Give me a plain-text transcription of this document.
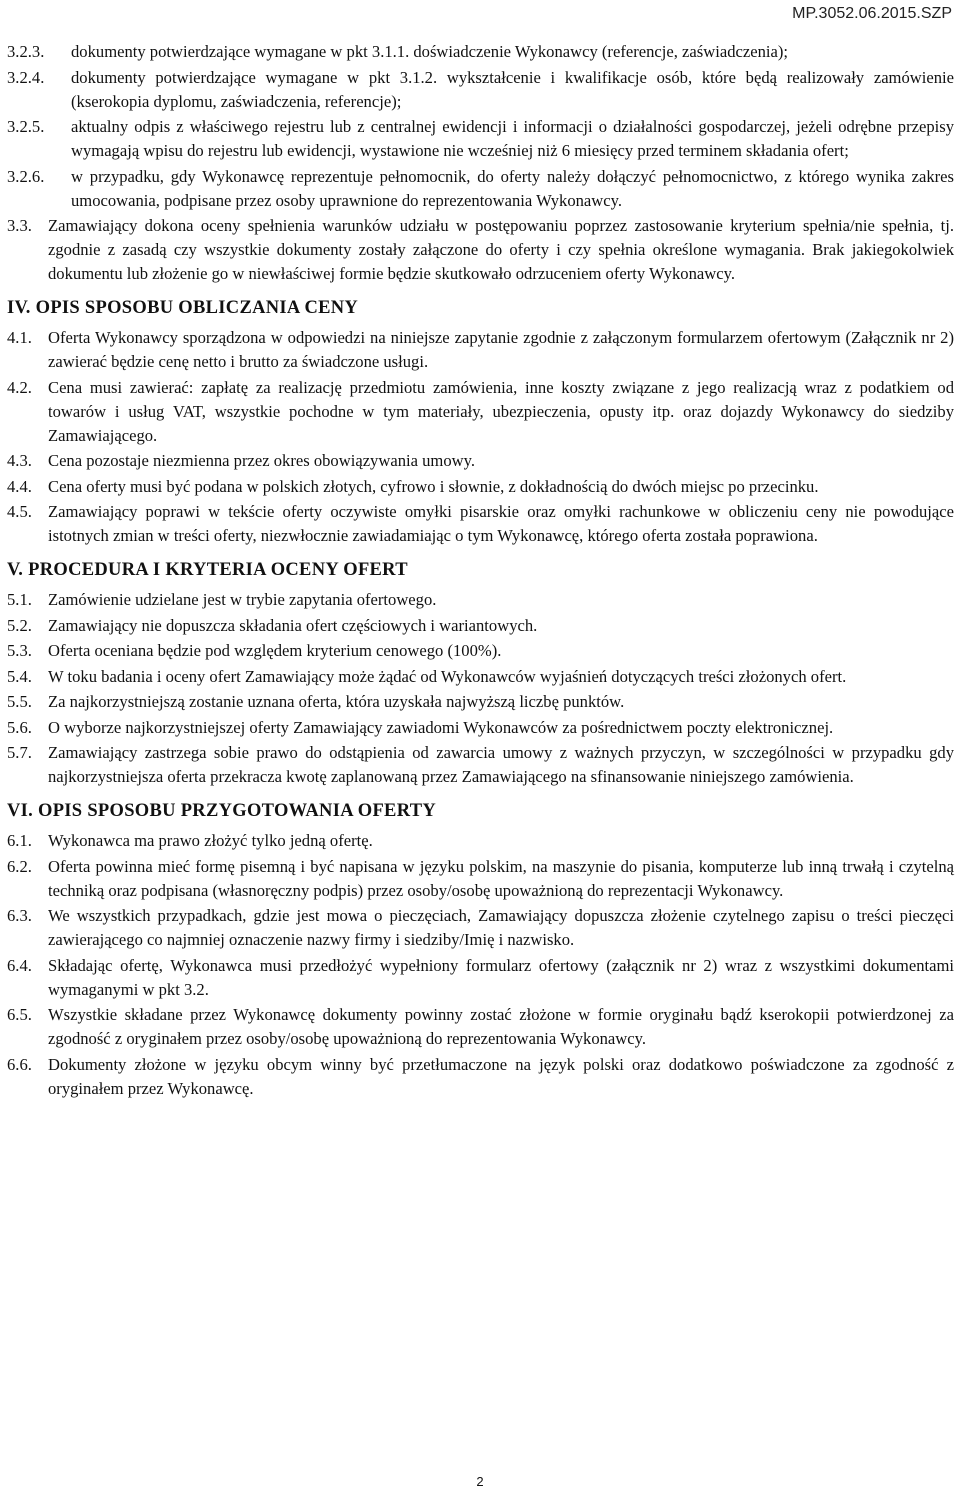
MP.3052.06.2015.SZP
3.2.3.	dokumenty potwierdzające wymagane w pkt 3.1.1. doświadczenie Wykonawcy (referencje, zaświadczenia);
3.2.4.	dokumenty potwierdzające wymagane w pkt 3.1.2. wykształcenie i kwalifikacje osób, które będą realizowały zamówienie (kserokopia dyplomu, zaświadczenia, referencje);
3.2.5.	aktualny odpis z właściwego rejestru lub z centralnej ewidencji i informacji o działalności gospodarczej, jeżeli odrębne przepisy wymagają wpisu do rejestru lub ewidencji, wystawione nie wcześniej niż 6 miesięcy przed terminem składania ofert;
3.2.6.	w przypadku, gdy Wykonawcę reprezentuje pełnomocnik, do oferty należy dołączyć pełnomocnictwo, z którego wynika zakres umocowania, podpisane przez osoby uprawnione do reprezentowania Wykonawcy.
3.3. Zamawiający dokona oceny spełnienia warunków udziału w postępowaniu poprzez zastosowanie kryterium spełnia/nie spełnia, tj. zgodnie z zasadą czy wszystkie dokumenty zostały załączone do oferty i czy spełnia określone wymagania. Brak jakiegokolwiek dokumentu lub złożenie go w niewłaściwej formie będzie skutkowało odrzuceniem oferty Wykonawcy.
IV. OPIS SPOSOBU OBLICZANIA CENY
4.1. Oferta Wykonawcy sporządzona w odpowiedzi na niniejsze zapytanie zgodnie z załączonym formularzem ofertowym (Załącznik nr 2) zawierać będzie cenę netto i brutto za świadczone usługi.
4.2. Cena musi zawierać: zapłatę za realizację przedmiotu zamówienia, inne koszty związane z jego realizacją wraz z podatkiem od towarów i usług VAT, wszystkie pochodne w tym materiały, ubezpieczenia, opusty itp. oraz dojazdy Wykonawcy do siedziby Zamawiającego.
4.3. Cena pozostaje niezmienna przez okres obowiązywania umowy.
4.4. Cena oferty musi być podana w polskich złotych, cyfrowo i słownie, z dokładnością do dwóch miejsc po przecinku.
4.5. Zamawiający poprawi w tekście oferty oczywiste omyłki pisarskie oraz omyłki rachunkowe w obliczeniu ceny nie powodujące istotnych zmian w treści oferty, niezwłocznie zawiadamiając o tym Wykonawcę, którego oferta została poprawiona.
V. PROCEDURA I KRYTERIA OCENY OFERT
5.1. Zamówienie udzielane jest w trybie zapytania ofertowego.
5.2. Zamawiający nie dopuszcza składania ofert częściowych i wariantowych.
5.3. Oferta oceniana będzie pod względem kryterium cenowego (100%).
5.4. W toku badania i oceny ofert Zamawiający może żądać od Wykonawców wyjaśnień dotyczących treści złożonych ofert.
5.5. Za najkorzystniejszą zostanie uznana oferta, która uzyskała najwyższą liczbę punktów.
5.6. O wyborze najkorzystniejszej oferty Zamawiający zawiadomi Wykonawców za pośrednictwem poczty elektronicznej.
5.7. Zamawiający zastrzega sobie prawo do odstąpienia od zawarcia umowy z ważnych przyczyn, w szczególności w przypadku gdy najkorzystniejsza oferta przekracza kwotę zaplanowaną przez Zamawiającego na sfinansowanie niniejszego zamówienia.
VI. OPIS SPOSOBU PRZYGOTOWANIA OFERTY
6.1. Wykonawca ma prawo złożyć tylko jedną ofertę.
6.2. Oferta powinna mieć formę pisemną i być napisana w języku polskim, na maszynie do pisania, komputerze lub inną trwałą i czytelną techniką oraz podpisana (własnoręczny podpis) przez osoby/osobę upoważnioną do reprezentacji Wykonawcy.
6.3. We wszystkich przypadkach, gdzie jest mowa o pieczęciach, Zamawiający dopuszcza złożenie czytelnego zapisu o treści pieczęci zawierającego co najmniej oznaczenie nazwy firmy i siedziby/Imię i nazwisko.
6.4. Składając ofertę, Wykonawca musi przedłożyć wypełniony formularz ofertowy (załącznik nr 2) wraz z wszystkimi dokumentami wymaganymi w pkt 3.2.
6.5. Wszystkie składane przez Wykonawcę dokumenty powinny zostać złożone w formie oryginału bądź kserokopii potwierdzonej za zgodność z oryginałem przez osoby/osobę upoważnioną do reprezentowania Wykonawcy.
6.6. Dokumenty złożone w języku obcym winny być przetłumaczone na język polski oraz dodatkowo poświadczone za zgodność z oryginałem przez Wykonawcę.
2
